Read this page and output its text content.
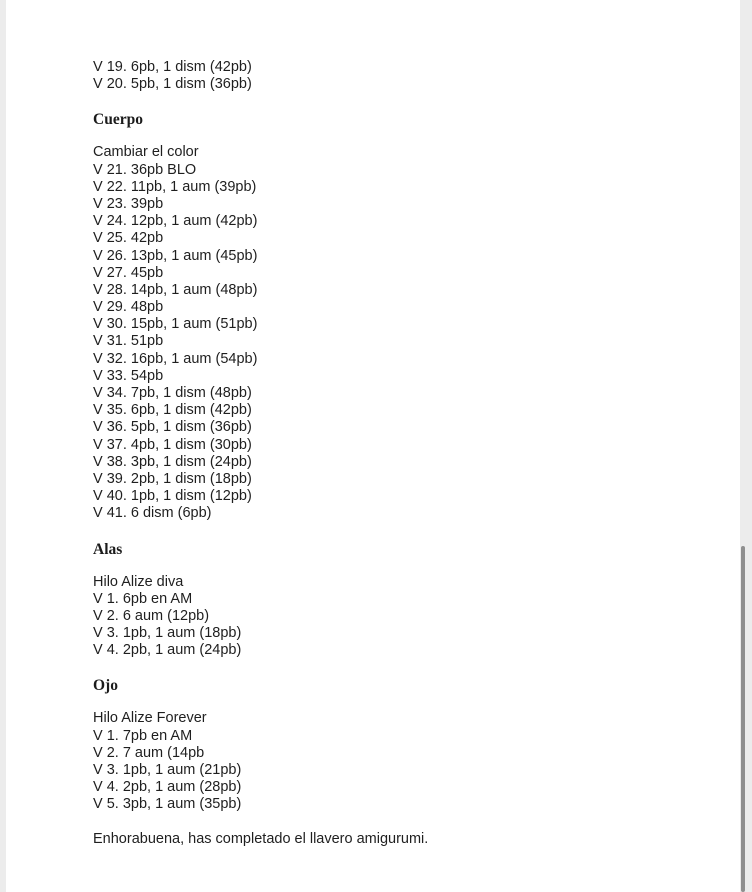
V 19. 6pb, 1 dism (42pb)
V 20. 5pb, 1 dism (36pb)
Cuerpo
Cambiar el color
V 21. 36pb BLO
V 22. 11pb, 1 aum (39pb)
V 23. 39pb
V 24. 12pb, 1 aum (42pb)
V 25. 42pb
V 26. 13pb, 1 aum (45pb)
V 27. 45pb
V 28. 14pb, 1 aum (48pb)
V 29. 48pb
V 30. 15pb, 1 aum (51pb)
V 31. 51pb
V 32. 16pb, 1 aum (54pb)
V 33. 54pb
V 34. 7pb, 1 dism (48pb)
V 35. 6pb, 1 dism (42pb)
V 36. 5pb, 1 dism (36pb)
V 37. 4pb, 1 dism (30pb)
V 38. 3pb, 1 dism (24pb)
V 39. 2pb, 1 dism (18pb)
V 40. 1pb, 1 dism (12pb)
V 41. 6 dism (6pb)
Alas
Hilo Alize diva
V 1. 6pb en AM
V 2. 6 aum (12pb)
V 3. 1pb, 1 aum (18pb)
V 4. 2pb, 1 aum (24pb)
Ojo
Hilo Alize Forever
V 1. 7pb en AM
V 2. 7 aum (14pb
V 3. 1pb, 1 aum (21pb)
V 4. 2pb, 1 aum (28pb)
V 5. 3pb, 1 aum (35pb)
Enhorabuena, has completado el llavero amigurumi.
